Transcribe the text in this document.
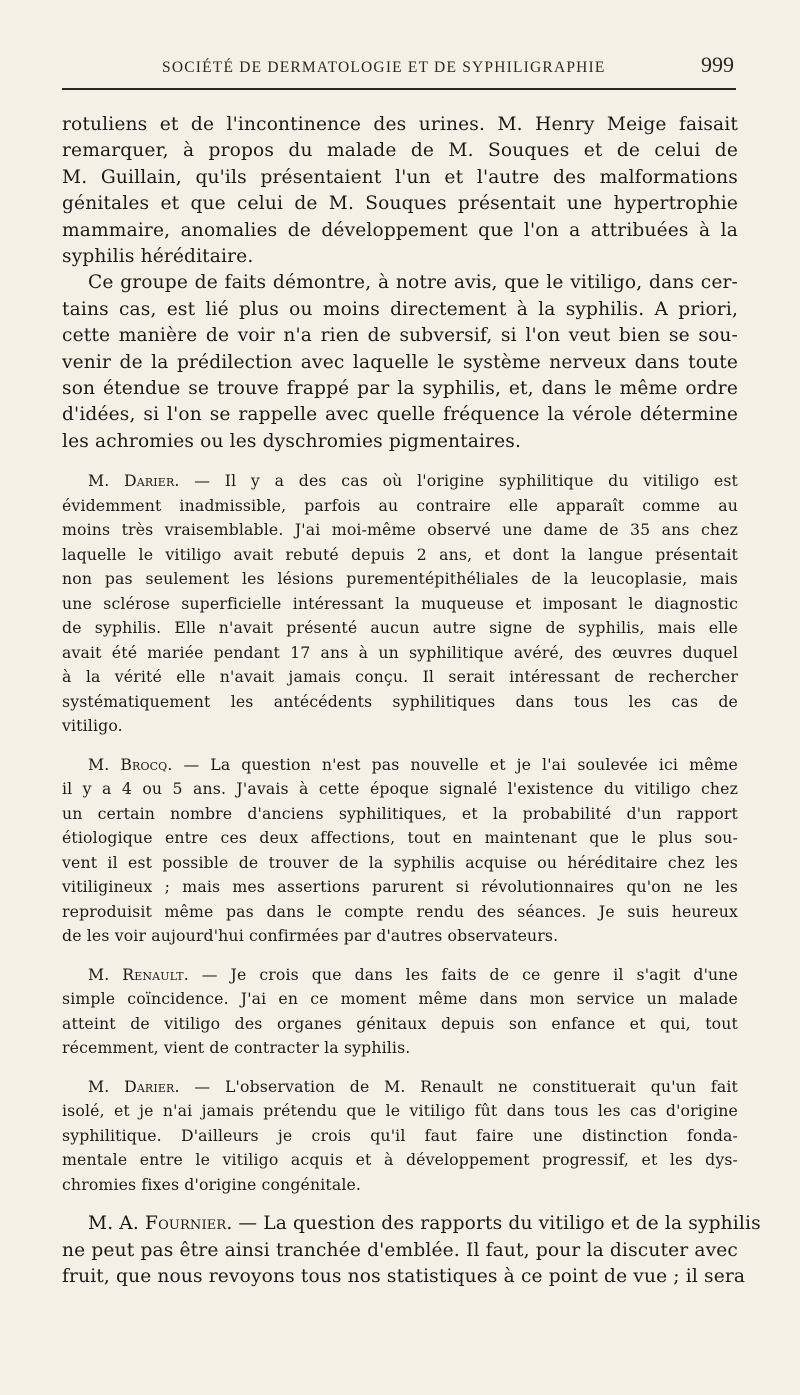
SOCIÉTÉ DE DERMATOLOGIE ET DE SYPHILIGRAPHIE	999
rotuliens et de l'incontinence des urines. M. Henry Meige faisait
remarquer, à propos du malade de M. Souques et de celui de
M. Guillain, qu'ils présentaient l'un et l'autre des malformations
génitales et que celui de M. Souques présentait une hypertrophie
mammaire, anomalies de développement que l'on a attribuées à la
syphilis héréditaire.
Ce groupe de faits démontre, à notre avis, que le vitiligo, dans cer-
tains cas, est lié plus ou moins directement à la syphilis. A priori,
cette manière de voir n'a rien de subversif, si l'on veut bien se sou-
venir de la prédilection avec laquelle le système nerveux dans toute
son étendue se trouve frappé par la syphilis, et, dans le même ordre
d'idées, si l'on se rappelle avec quelle fréquence la vérole détermine
les achromies ou les dyschromies pigmentaires.
M. Darier. — Il y a des cas où l'origine syphilitique du vitiligo est
évidemment inadmissible, parfois au contraire elle apparaît comme au
moins très vraisemblable. J'ai moi-même observé une dame de 35 ans chez
laquelle le vitiligo avait rebuté depuis 2 ans, et dont la langue présentait
non pas seulement les lésions purementépithéliales de la leucoplasie, mais
une sclérose superficielle intéressant la muqueuse et imposant le diagnostic
de syphilis. Elle n'avait présenté aucun autre signe de syphilis, mais elle
avait été mariée pendant 17 ans à un syphilitique avéré, des œuvres duquel
à la vérité elle n'avait jamais conçu. Il serait intéressant de rechercher
systématiquement les antécédents syphilitiques dans tous les cas de
vitiligo.
M. Brocq. — La question n'est pas nouvelle et je l'ai soulevée ici même
il y a 4 ou 5 ans. J'avais à cette époque signalé l'existence du vitiligo chez
un certain nombre d'anciens syphilitiques, et la probabilité d'un rapport
étiologique entre ces deux affections, tout en maintenant que le plus sou-
vent il est possible de trouver de la syphilis acquise ou héréditaire chez les
vitiligineux ; mais mes assertions parurent si révolutionnaires qu'on ne les
reproduisit même pas dans le compte rendu des séances. Je suis heureux
de les voir aujourd'hui confirmées par d'autres observateurs.
M. Renault. — Je crois que dans les faits de ce genre il s'agit d'une
simple coïncidence. J'ai en ce moment même dans mon service un malade
atteint de vitiligo des organes génitaux depuis son enfance et qui, tout
récemment, vient de contracter la syphilis.
M. Darier. — L'observation de M. Renault ne constituerait qu'un fait
isolé, et je n'ai jamais prétendu que le vitiligo fût dans tous les cas d'origine
syphilitique. D'ailleurs je crois qu'il faut faire une distinction fonda-
mentale entre le vitiligo acquis et à développement progressif, et les dys-
chromies fixes d'origine congénitale.
M. A. Fournier. — La question des rapports du vitiligo et de la syphilis
ne peut pas être ainsi tranchée d'emblée. Il faut, pour la discuter avec
fruit, que nous revoyons tous nos statistiques à ce point de vue ; il sera
